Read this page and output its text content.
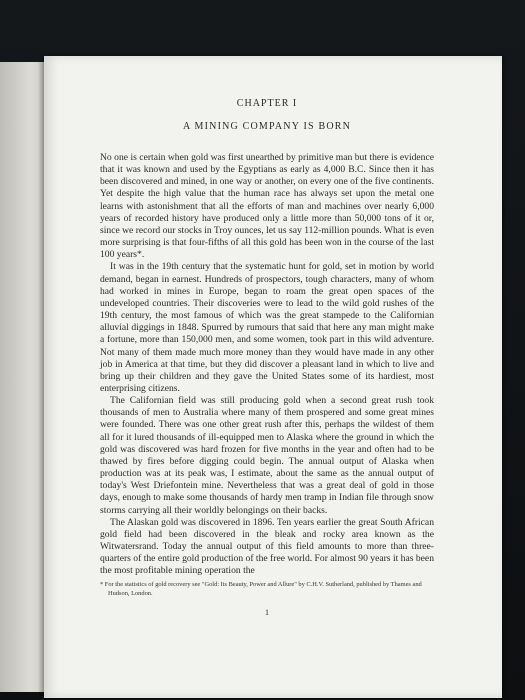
CHAPTER I
A MINING COMPANY IS BORN

No one is certain when gold was first unearthed by primitive man but there is evidence that it was known and used by the Egyptians as early as 4,000 B.C. Since then it has been discovered and mined, in one way or another, on every one of the five continents. Yet despite the high value that the human race has always set upon the metal one learns with astonishment that all the efforts of man and machines over nearly 6,000 years of recorded history have produced only a little more than 50,000 tons of it or, since we record our stocks in Troy ounces, let us say 112-million pounds. What is even more surprising is that four-fifths of all this gold has been won in the course of the last 100 years*.

It was in the 19th century that the systematic hunt for gold, set in motion by world demand, began in earnest. Hundreds of prospectors, tough characters, many of whom had worked in mines in Europe, began to roam the great open spaces of the undeveloped countries. Their discoveries were to lead to the wild gold rushes of the 19th century, the most famous of which was the great stampede to the Californian alluvial diggings in 1848. Spurred by rumours that said that here any man might make a fortune, more than 150,000 men, and some women, took part in this wild adventure. Not many of them made much more money than they would have made in any other job in America at that time, but they did discover a pleasant land in which to live and bring up their children and they gave the United States some of its hardiest, most enterprising citizens.

The Californian field was still producing gold when a second great rush took thousands of men to Australia where many of them prospered and some great mines were founded. There was one other great rush after this, perhaps the wildest of them all for it lured thousands of ill-equipped men to Alaska where the ground in which the gold was discovered was hard frozen for five months in the year and often had to be thawed by fires before digging could begin. The annual output of Alaska when production was at its peak was, I estimate, about the same as the annual output of today's West Driefontein mine. Nevertheless that was a great deal of gold in those days, enough to make some thousands of hardy men tramp in Indian file through snow storms carrying all their worldly belongings on their backs.

The Alaskan gold was discovered in 1896. Ten years earlier the great South African gold field had been discovered in the bleak and rocky area known as the Witwatersrand. Today the annual output of this field amounts to more than three-quarters of the entire gold production of the free world. For almost 90 years it has been the most profitable mining operation the

* For the statistics of gold recovery see "Gold: Its Beauty, Power and Allure" by C.H.V. Sutherland, published by Thames and Hudson, London.

1
